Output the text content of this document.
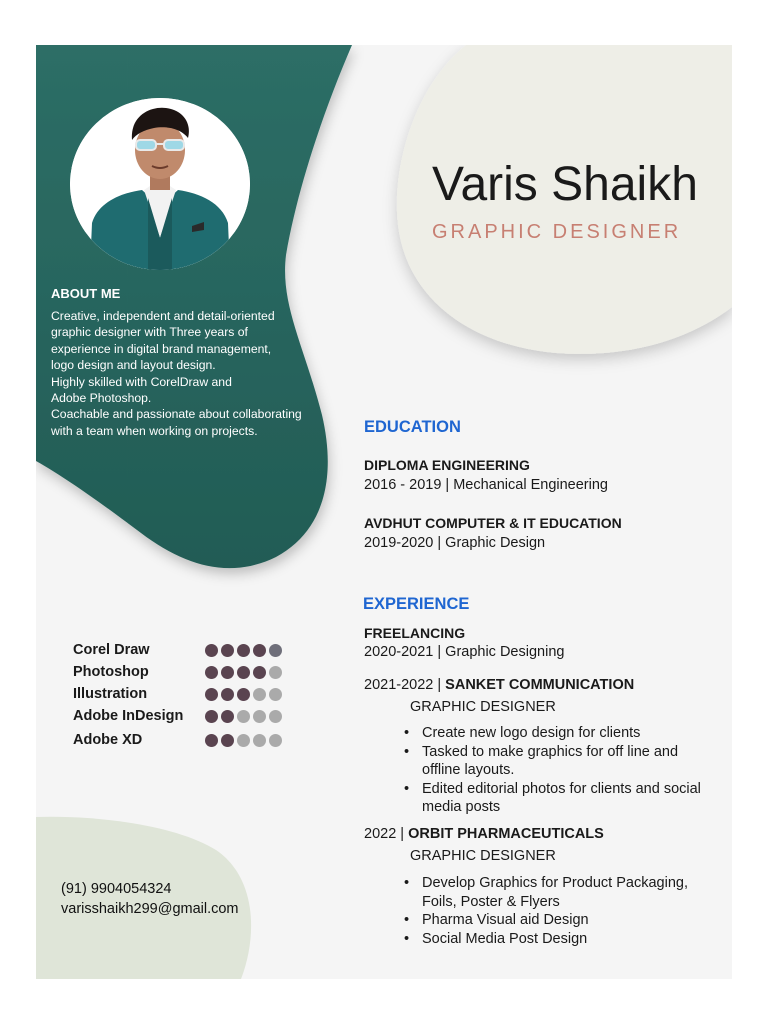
Varis Shaikh
GRAPHIC DESIGNER
ABOUT ME
Creative, independent and detail-oriented
graphic designer with Three years of
experience in digital brand management,
logo design and layout design.
Highly skilled with CorelDraw and
Adobe Photoshop.
Coachable and passionate about collaborating
with a team when working on projects.	EDUCATION
DIPLOMA ENGINEERING
2016 - 2019 | Mechanical Engineering
AVDHUT COMPUTER & IT EDUCATION
2019-2020 | Graphic Design
EXPERIENCE
FREELANCING
2020-2021 | Graphic Designing
2021-2022 | SANKET COMMUNICATION
GRAPHIC DESIGNER
• Create new logo design for clients
• Tasked to make graphics for off line and offline layouts.
• Edited editorial photos for clients and social media posts
2022 | ORBIT PHARMACEUTICALS
GRAPHIC DESIGNER
• Develop Graphics for Product Packaging, Foils, Poster & Flyers
• Pharma Visual aid Design
• Social Media Post Design
Corel Draw
Photoshop
Illustration
Adobe InDesign
Adobe XD
(91) 9904054324
varisshaikh299@gmail.com
